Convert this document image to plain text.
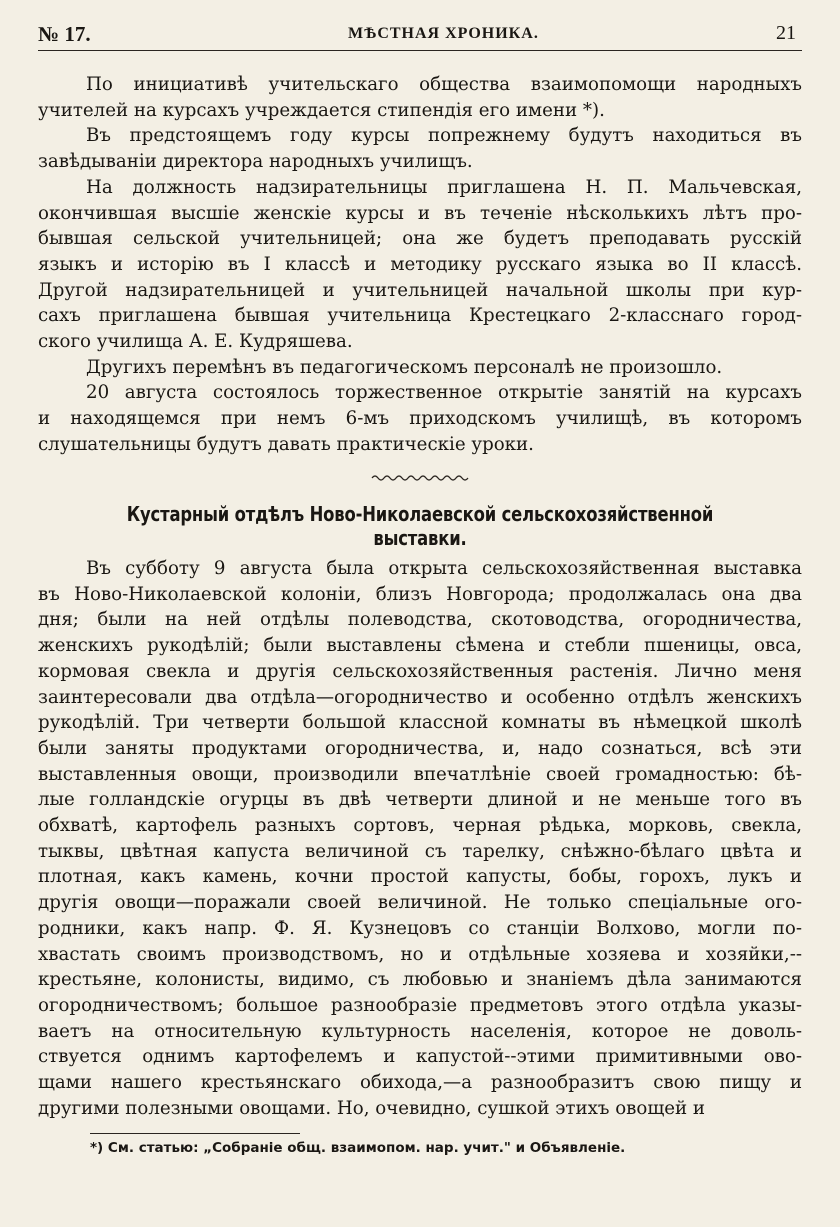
№ 17.	МѢСТНАЯ ХРОНИКА.	21
По инициативѣ учительскаго общества взаимопомощи народныхъ
учителей на курсахъ учреждается стипендія его имени *).
Въ предстоящемъ году курсы попрежнему будутъ находиться въ
завѣдываніи директора народныхъ училищъ.
На должность надзирательницы приглашена Н. П. Мальчевская,
окончившая высшіе женскіе курсы и въ теченіе нѣсколькихъ лѣтъ про-
бывшая сельской учительницей; она же будетъ преподавать русскій
языкъ и исторію въ I классѣ и методику русскаго языка во II классѣ.
Другой надзирательницей и учительницей начальной школы при кур-
сахъ приглашена бывшая учительница Крестецкаго 2-класснаго город-
ского училища А. Е. Кудряшева.
Другихъ перемѣнъ въ педагогическомъ персоналѣ не произошло.
20 августа состоялось торжественное открытіе занятій на курсахъ
и находящемся при немъ 6-мъ приходскомъ училищѣ, въ которомъ
слушательницы будутъ давать практическіе уроки.
Кустарный отдѣлъ Ново-Николаевской сельскохозяйственной выставки.
Въ субботу 9 августа была открыта сельскохозяйственная выставка
въ Ново-Николаевской колоніи, близъ Новгорода; продолжалась она два
дня; были на ней отдѣлы полеводства, скотоводства, огородничества,
женскихъ рукодѣлій; были выставлены сѣмена и стебли пшеницы, овса,
кормовая свекла и другія сельскохозяйственныя растенія. Лично меня
заинтересовали два отдѣла—огородничество и особенно отдѣлъ женскихъ
рукодѣлій. Три четверти большой классной комнаты въ нѣмецкой школѣ
были заняты продуктами огородничества, и, надо сознаться, всѣ эти
выставленныя овощи, производили впечатлѣніе своей громадностью: бѣ-
лые голландскіе огурцы въ двѣ четверти длиной и не меньше того въ
обхватѣ, картофель разныхъ сортовъ, черная рѣдька, морковь, свекла,
тыквы, цвѣтная капуста величиной съ тарелку, снѣжно-бѣлаго цвѣта и
плотная, какъ камень, кочни простой капусты, бобы, горохъ, лукъ и
другія овощи—поражали своей величиной. Не только спеціальные ого-
родники, какъ напр. Ф. Я. Кузнецовъ со станціи Волхово, могли по-
хвастать своимъ производствомъ, но и отдѣльные хозяева и хозяйки,--
крестьяне, колонисты, видимо, съ любовью и знаніемъ дѣла занимаются
огородничествомъ; большое разнообразіе предметовъ этого отдѣла указы-
ваетъ на относительную культурность населенія, которое не доволь-
ствуется однимъ картофелемъ и капустой--этими примитивными ово-
щами нашего крестьянскаго обихода,—а разнообразитъ свою пищу и
другими полезными овощами. Но, очевидно, сушкой этихъ овощей и
*) См. статью: „Собраніе общ. взаимопом. нар. учит." и Объявленіе.
